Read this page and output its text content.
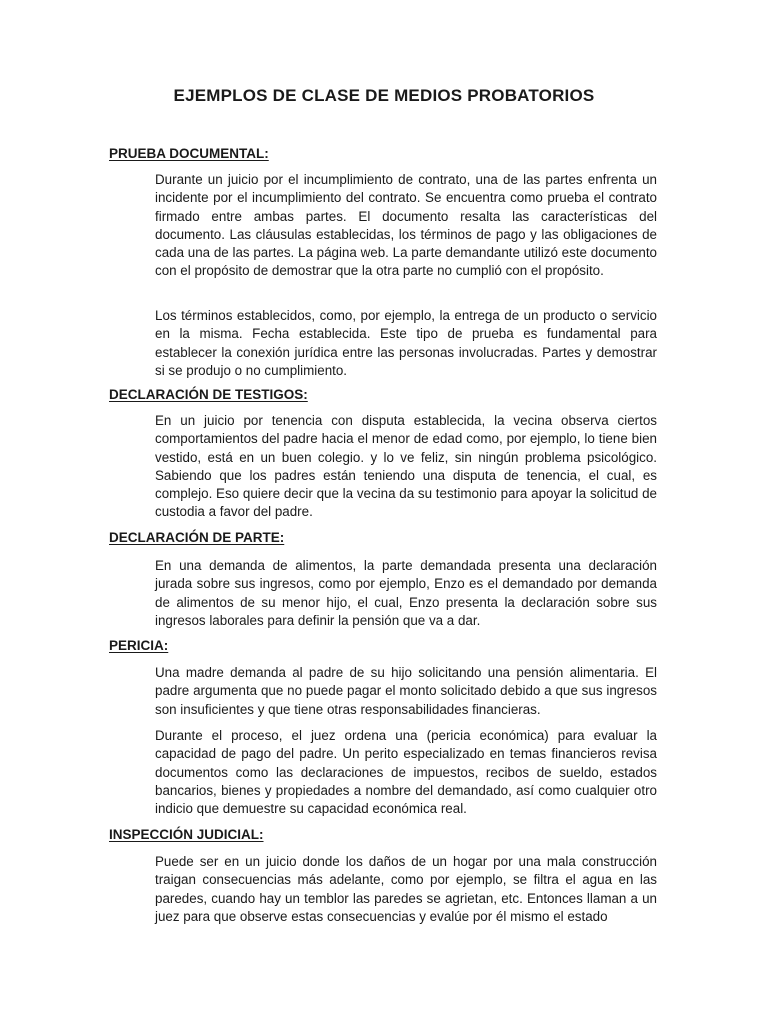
EJEMPLOS DE CLASE DE MEDIOS PROBATORIOS
PRUEBA DOCUMENTAL:

Durante un juicio por el incumplimiento de contrato, una de las partes enfrenta un incidente por el incumplimiento del contrato. Se encuentra como prueba el contrato firmado entre ambas partes. El documento resalta las características del documento. Las cláusulas establecidas, los términos de pago y las obligaciones de cada una de las partes. La página web. La parte demandante utilizó este documento con el propósito de demostrar que la otra parte no cumplió con el propósito.

Los términos establecidos, como, por ejemplo, la entrega de un producto o servicio en la misma. Fecha establecida. Este tipo de prueba es fundamental para establecer la conexión jurídica entre las personas involucradas. Partes y demostrar si se produjo o no cumplimiento.

DECLARACIÓN DE TESTIGOS:

En un juicio por tenencia con disputa establecida, la vecina observa ciertos comportamientos del padre hacia el menor de edad como, por ejemplo, lo tiene bien vestido, está en un buen colegio. y lo ve feliz, sin ningún problema psicológico. Sabiendo que los padres están teniendo una disputa de tenencia, el cual, es complejo. Eso quiere decir que la vecina da su testimonio para apoyar la solicitud de custodia a favor del padre.

DECLARACIÓN DE PARTE:

En una demanda de alimentos, la parte demandada presenta una declaración jurada sobre sus ingresos, como por ejemplo, Enzo es el demandado por demanda de alimentos de su menor hijo, el cual, Enzo presenta la declaración sobre sus ingresos laborales para definir la pensión que va a dar.

PERICIA:

Una madre demanda al padre de su hijo solicitando una pensión alimentaria. El padre argumenta que no puede pagar el monto solicitado debido a que sus ingresos son insuficientes y que tiene otras responsabilidades financieras.

Durante el proceso, el juez ordena una (pericia económica) para evaluar la capacidad de pago del padre. Un perito especializado en temas financieros revisa documentos como las declaraciones de impuestos, recibos de sueldo, estados bancarios, bienes y propiedades a nombre del demandado, así como cualquier otro indicio que demuestre su capacidad económica real.

INSPECCIÓN JUDICIAL:

Puede ser en un juicio donde los daños de un hogar por una mala construcción traigan consecuencias más adelante, como por ejemplo, se filtra el agua en las paredes, cuando hay un temblor las paredes se agrietan, etc. Entonces llaman a un juez para que observe estas consecuencias y evalúe por él mismo el estado
